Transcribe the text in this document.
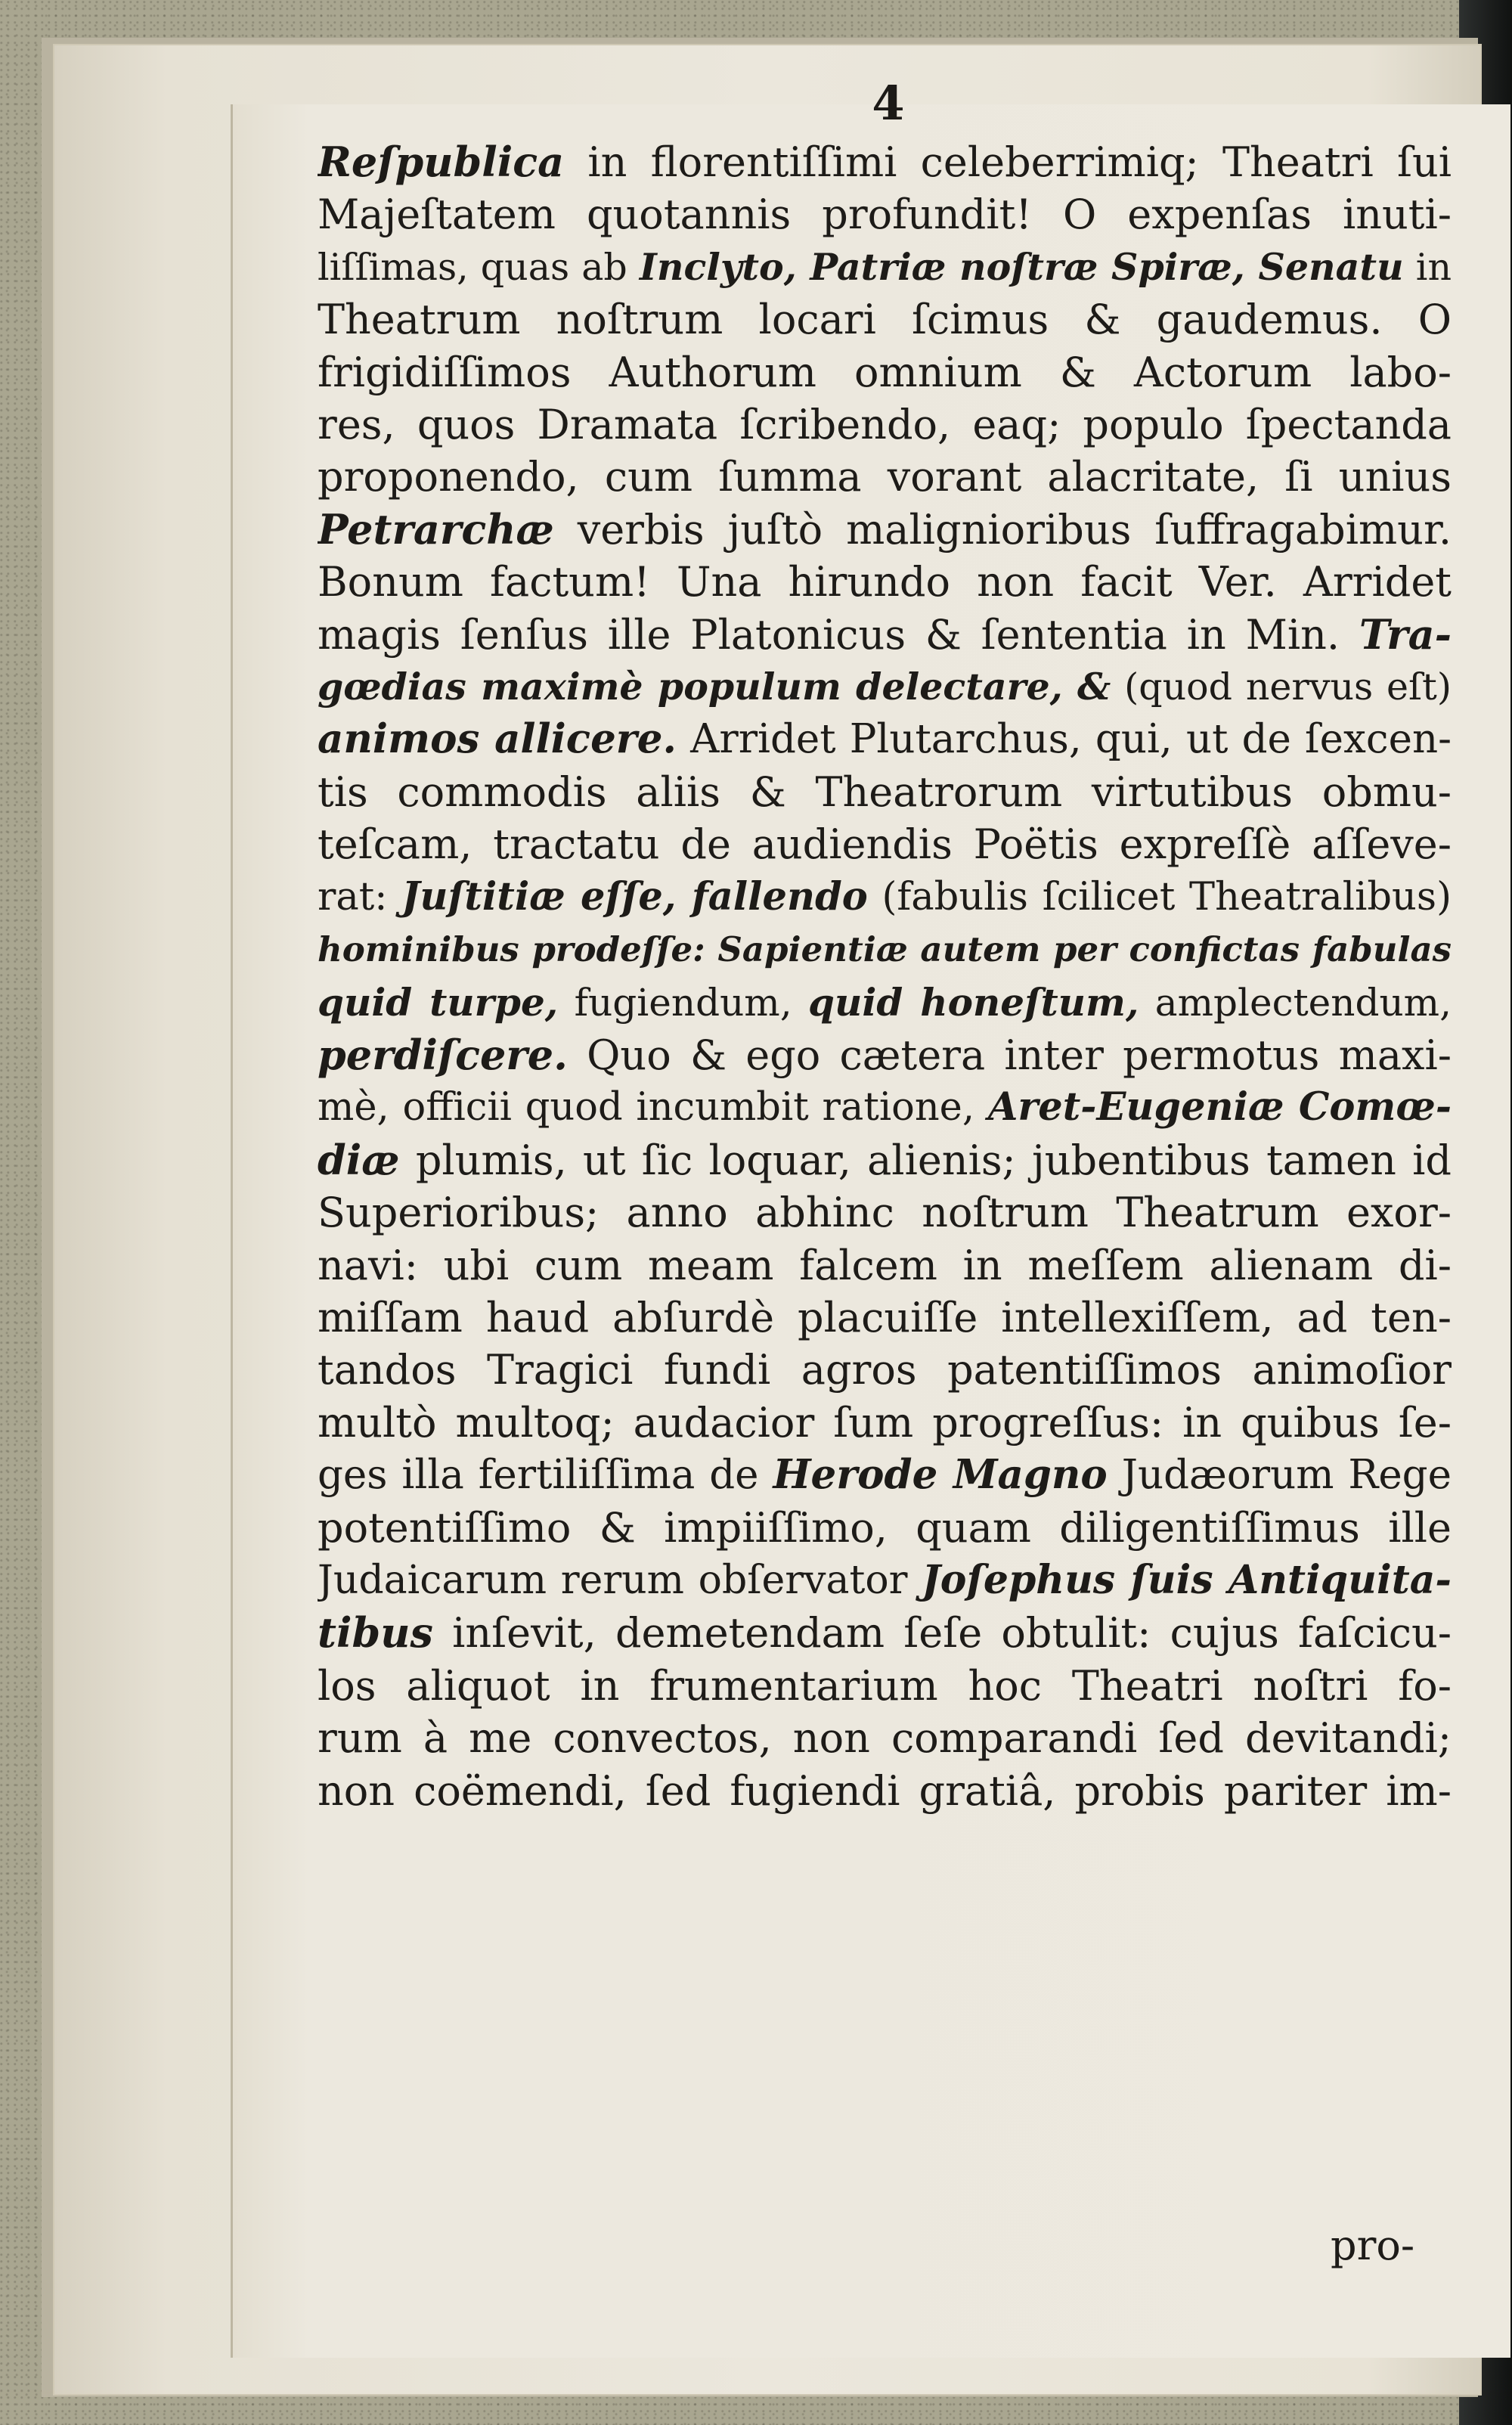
4
Reſpublica in florentiſſimi celeberrimiq; Theatri ſui
Majeſtatem quotannis profundit! O expenſas inuti-
liſſimas, quas ab Inclyto, Patriæ noſtræ Spiræ, Senatu in
Theatrum noſtrum locari ſcimus & gaudemus. O
frigidiſſimos Authorum omnium & Actorum labo-
res, quos Dramata ſcribendo, eaq; populo ſpectanda
proponendo, cum ſumma vorant alacritate, ſi unius
Petrarchæ verbis juſtò malignioribus ſuffragabimur.
Bonum factum! Una hirundo non facit Ver. Arridet
magis ſenſus ille Platonicus & ſententia in Min. Tra-
gœdias maximè populum delectare, & (quod nervus eſt)
animos allicere. Arridet Plutarchus, qui, ut de ſexcen-
tis commodis aliis & Theatrorum virtutibus obmu-
teſcam, tractatu de audiendis Poëtis expreſſè aſſeve-
rat: Juſtitiæ eſſe, fallendo (fabulis ſcilicet Theatralibus)
hominibus prodeſſe: Sapientiæ autem per confictas fabulas
quid turpe, fugiendum, quid honeſtum, amplectendum,
perdiſcere. Quo & ego cætera inter permotus maxi-
mè, officii quod incumbit ratione, Aret-Eugeniæ Comœ-
diæ plumis, ut ſic loquar, alienis; jubentibus tamen id
Superioribus; anno abhinc noſtrum Theatrum exor-
navi: ubi cum meam falcem in meſſem alienam di-
miſſam haud abſurdè placuiſſe intellexiſſem, ad ten-
tandos Tragici fundi agros patentiſſimos animoſior
multò multoq; audacior ſum progreſſus: in quibus ſe-
ges illa fertiliſſima de Herode Magno Judæorum Rege
potentiſſimo & impiiſſimo, quam diligentiſſimus ille
Judaicarum rerum obſervator Joſephus ſuis Antiquita-
tibus inſevit, demetendam ſeſe obtulit: cujus faſcicu-
los aliquot in frumentarium hoc Theatri noſtri fo-
rum à me convectos, non comparandi ſed devitandi;
non coëmendi, ſed fugiendi gratiâ, probis pariter im-
pro-
